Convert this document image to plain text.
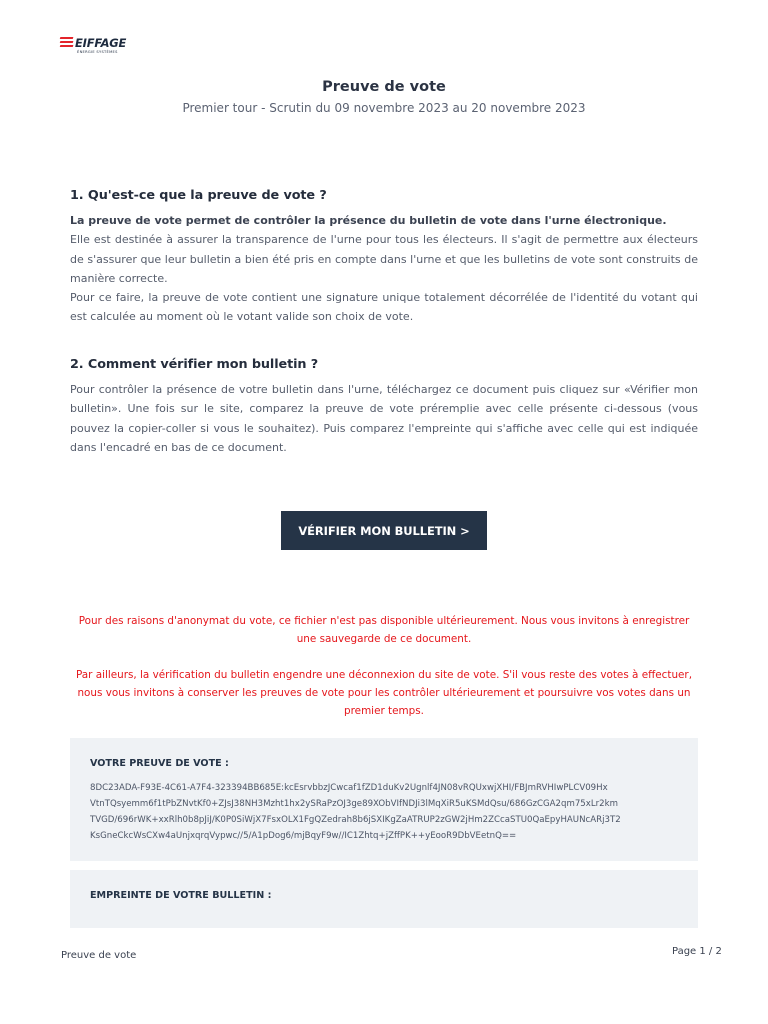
EIFFAGE
ÉNERGIE SYSTÈMES
Preuve de vote
Premier tour - Scrutin du 09 novembre 2023 au 20 novembre 2023
1. Qu'est-ce que la preuve de vote ?

La preuve de vote permet de contrôler la présence du bulletin de vote dans l'urne électronique.

Elle est destinée à assurer la transparence de l'urne pour tous les électeurs. Il s'agit de permettre aux électeurs de s'assurer que leur bulletin a bien été pris en compte dans l'urne et que les bulletins de vote sont construits de manière correcte.

Pour ce faire, la preuve de vote contient une signature unique totalement décorrélée de l'identité du votant qui est calculée au moment où le votant valide son choix de vote.

2. Comment vérifier mon bulletin ?

Pour contrôler la présence de votre bulletin dans l'urne, téléchargez ce document puis cliquez sur «Vérifier mon bulletin». Une fois sur le site, comparez la preuve de vote préremplie avec celle présente ci-dessous (vous pouvez la copier-coller si vous le souhaitez). Puis comparez l'empreinte qui s'affiche avec celle qui est indiquée dans l'encadré en bas de ce document.

VÉRIFIER MON BULLETIN >
Pour des raisons d'anonymat du vote, ce fichier n'est pas disponible ultérieurement. Nous vous invitons à enregistrer une sauvegarde de ce document.
Par ailleurs, la vérification du bulletin engendre une déconnexion du site de vote. S'il vous reste des votes à effectuer, nous vous invitons à conserver les preuves de vote pour les contrôler ultérieurement et poursuivre vos votes dans un premier temps.
VOTRE PREUVE DE VOTE :
8DC23ADA-F93E-4C61-A7F4-323394BB685E:kcEsrvbbzJCwcaf1fZD1duKv2Ugnlf4JN08vRQUxwjXHI/FBJmRVHIwPLCV09Hx
VtnTQsyemm6f1tPbZNvtKf0+ZJsJ38NH3Mzht1hx2ySRaPzOJ3ge89XObVIfNDJi3lMqXiR5uKSMdQsu/686GzCGA2qm75xLr2km
TVGD/696rWK+xxRlh0b8pJiJ/K0P0SiWjX7FsxOLX1FgQZedrah8b6jSXIKgZaATRUP2zGW2jHm2ZCcaSTU0QaEpyHAUNcARj3T2
KsGneCkcWsCXw4aUnjxqrqVypwc//5/A1pDog6/mjBqyF9w//IC1Zhtq+jZffPK++yEooR9DbVEetnQ==
EMPREINTE DE VOTRE BULLETIN :
Preuve de vote	Page 1 / 2
